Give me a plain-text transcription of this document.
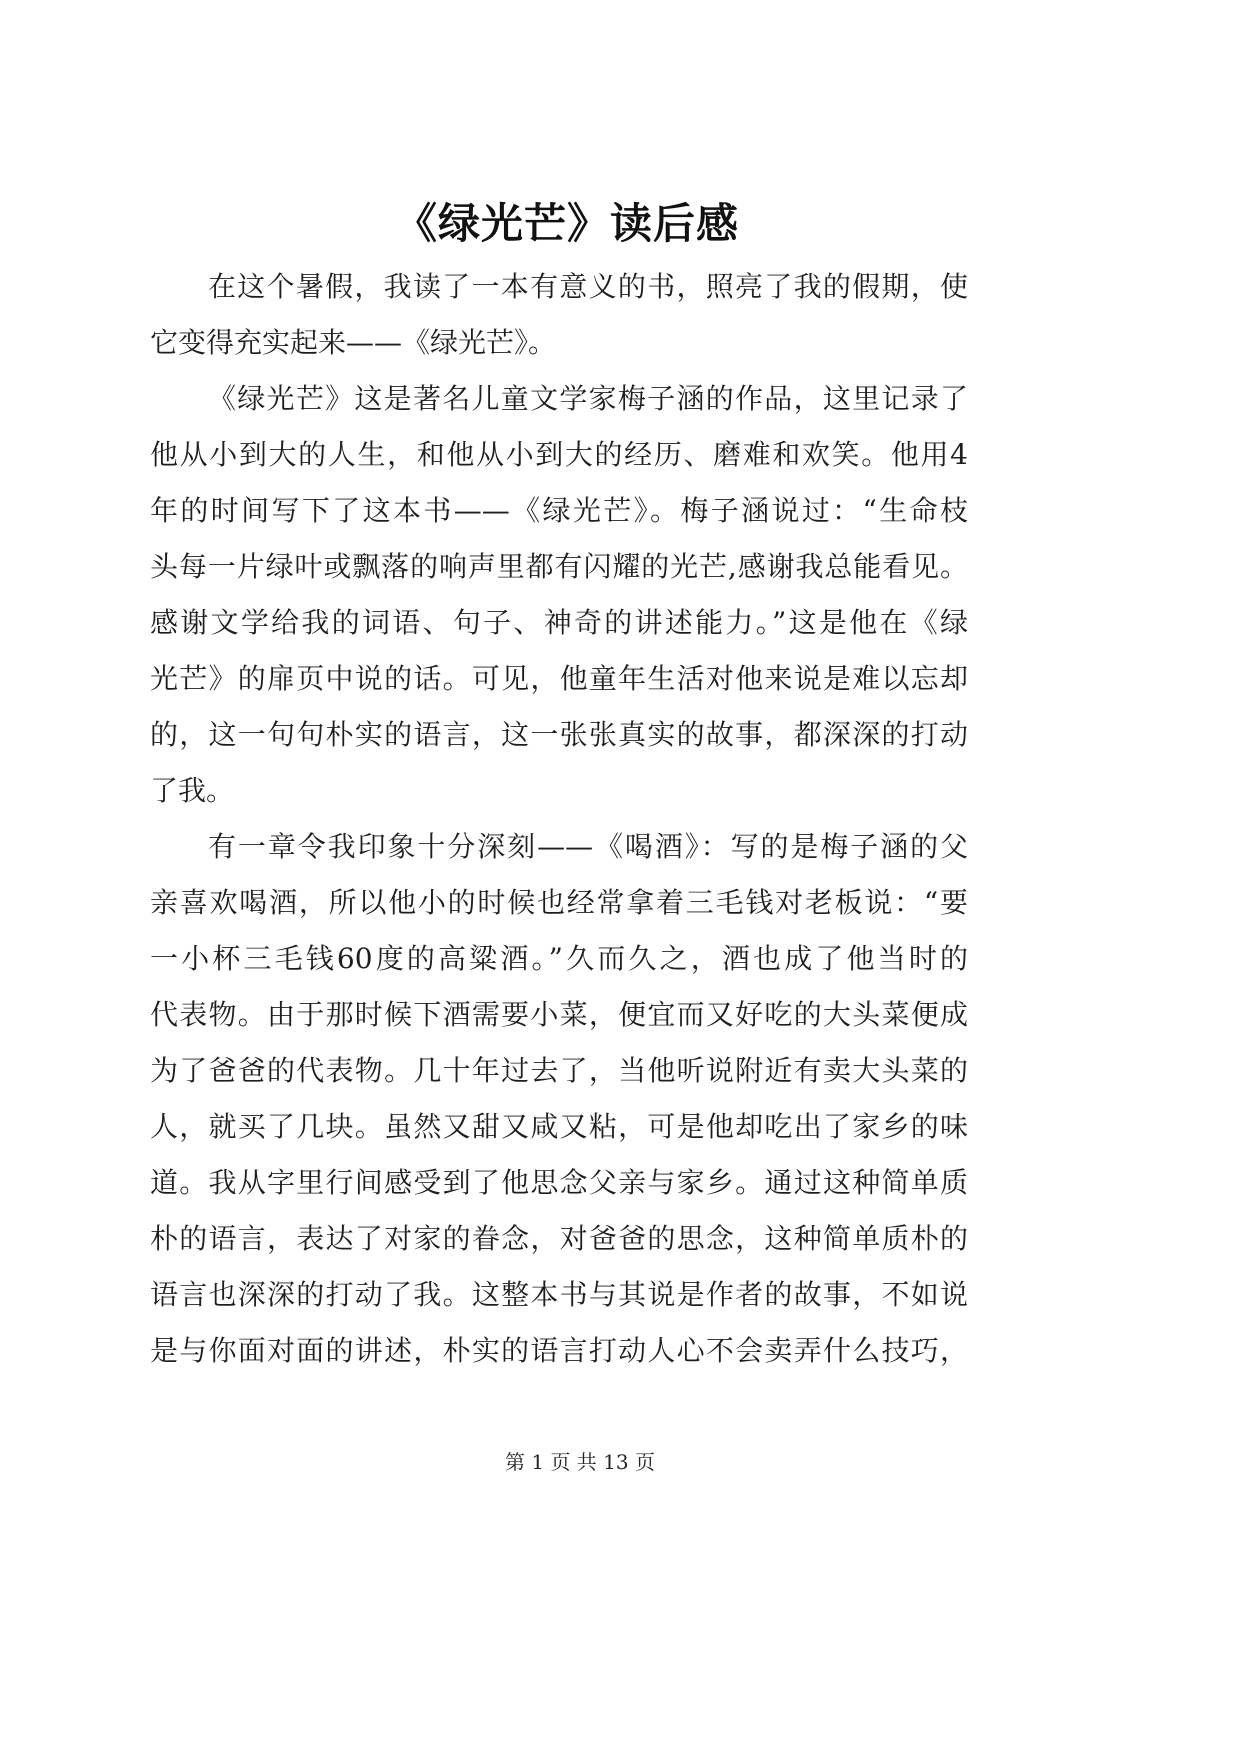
《绿光芒》读后感
在这个暑假，我读了一本有意义的书，照亮了我的假期，使
它变得充实起来——《绿光芒》。
《绿光芒》这是著名儿童文学家梅子涵的作品，这里记录了
他从小到大的人生，和他从小到大的经历、磨难和欢笑。他用4
年的时间写下了这本书——《绿光芒》。梅子涵说过：“生命枝
头每一片绿叶或飘落的响声里都有闪耀的光芒,感谢我总能看见。
感谢文学给我的词语、句子、神奇的讲述能力。”这是他在《绿
光芒》的扉页中说的话。可见，他童年生活对他来说是难以忘却
的，这一句句朴实的语言，这一张张真实的故事，都深深的打动
了我。
有一章令我印象十分深刻——《喝酒》：写的是梅子涵的父
亲喜欢喝酒，所以他小的时候也经常拿着三毛钱对老板说：“要
一小杯三毛钱60度的高粱酒。”久而久之，酒也成了他当时的
代表物。由于那时候下酒需要小菜，便宜而又好吃的大头菜便成
为了爸爸的代表物。几十年过去了，当他听说附近有卖大头菜的
人，就买了几块。虽然又甜又咸又粘，可是他却吃出了家乡的味
道。我从字里行间感受到了他思念父亲与家乡。通过这种简单质
朴的语言，表达了对家的眷念，对爸爸的思念，这种简单质朴的
语言也深深的打动了我。这整本书与其说是作者的故事，不如说
是与你面对面的讲述，朴实的语言打动人心不会卖弄什么技巧，
第 1 页 共 13 页
